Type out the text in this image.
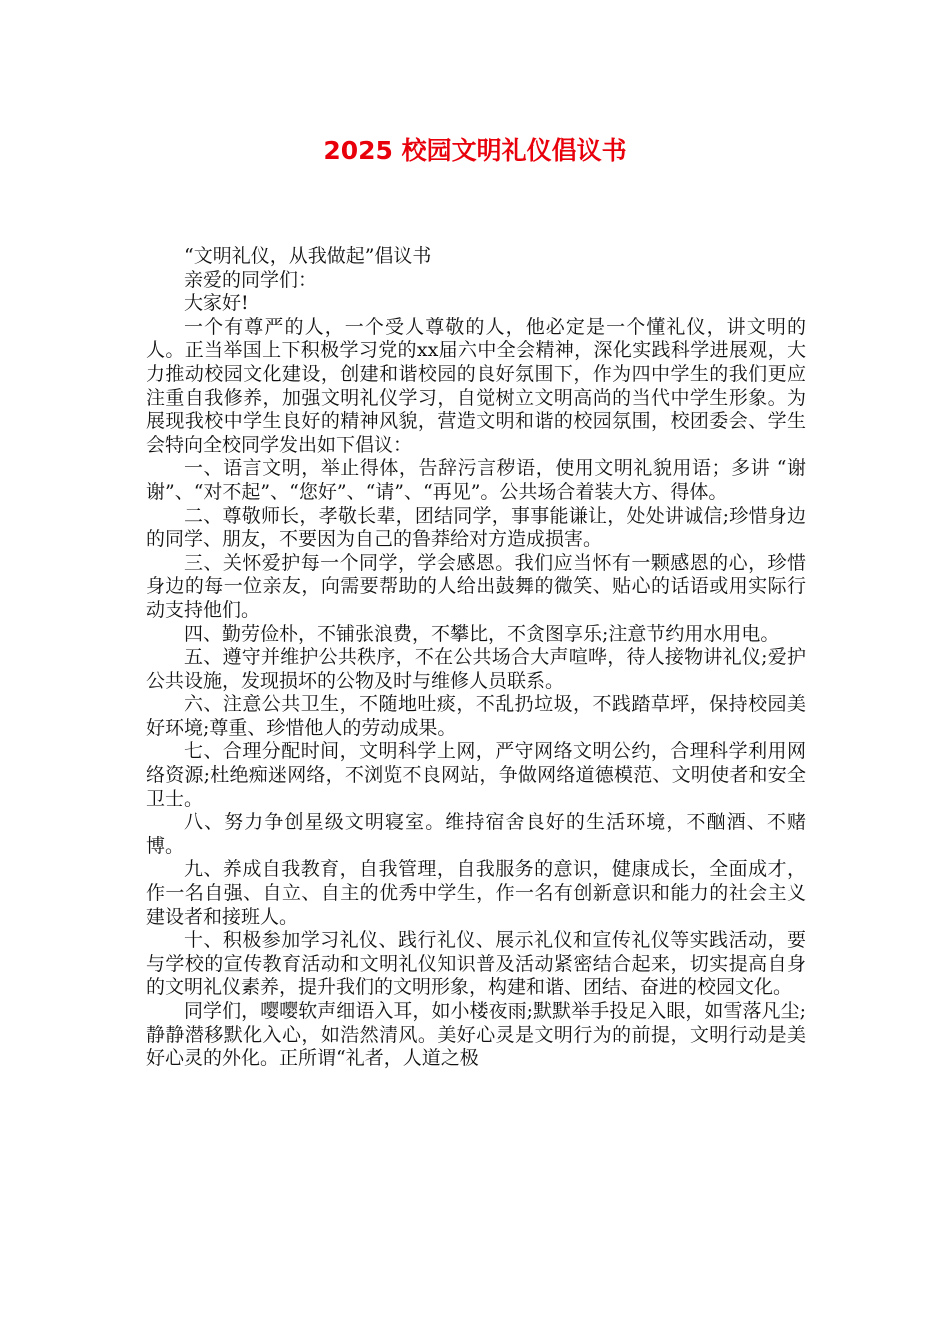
2025 校园文明礼仪倡议书

“文明礼仪，从我做起”倡议书

亲爱的同学们：

大家好!

一个有尊严的人，一个受人尊敬的人，他必定是一个懂礼仪，讲文明的人。正当举国上下积极学习党的xx届六中全会精神，深化实践科学进展观，大力推动校园文化建设，创建和谐校园的良好氛围下，作为四中学生的我们更应注重自我修养，加强文明礼仪学习，自觉树立文明高尚的当代中学生形象。为展现我校中学生良好的精神风貌，营造文明和谐的校园氛围，校团委会、学生会特向全校同学发出如下倡议：

一、语言文明，举止得体，告辞污言秽语，使用文明礼貌用语；多讲 “谢谢”、“对不起”、“您好”、“请”、“再见”。公共场合着装大方、得体。

二、尊敬师长，孝敬长辈，团结同学，事事能谦让，处处讲诚信;珍惜身边的同学、朋友，不要因为自己的鲁莽给对方造成损害。

三、关怀爱护每一个同学，学会感恩。我们应当怀有一颗感恩的心，珍惜身边的每一位亲友，向需要帮助的人给出鼓舞的微笑、贴心的话语或用实际行动支持他们。

四、勤劳俭朴，不铺张浪费，不攀比，不贪图享乐;注意节约用水用电。

五、遵守并维护公共秩序，不在公共场合大声喧哗，待人接物讲礼仪;爱护公共设施，发现损坏的公物及时与维修人员联系。

六、注意公共卫生，不随地吐痰，不乱扔垃圾，不践踏草坪，保持校园美好环境;尊重、珍惜他人的劳动成果。

七、合理分配时间，文明科学上网，严守网络文明公约，合理科学利用网络资源;杜绝痴迷网络，不浏览不良网站，争做网络道德模范、文明使者和安全卫士。

八、努力争创星级文明寝室。维持宿舍良好的生活环境，不酗酒、不赌博。

九、养成自我教育，自我管理，自我服务的意识，健康成长，全面成才，作一名自强、自立、自主的优秀中学生，作一名有创新意识和能力的社会主义建设者和接班人。

十、积极参加学习礼仪、践行礼仪、展示礼仪和宣传礼仪等实践活动，要与学校的宣传教育活动和文明礼仪知识普及活动紧密结合起来，切实提高自身的文明礼仪素养，提升我们的文明形象，构建和谐、团结、奋进的校园文化。

同学们，嘤嘤软声细语入耳，如小楼夜雨;默默举手投足入眼，如雪落凡尘;静静潜移默化入心，如浩然清风。美好心灵是文明行为的前提，文明行动是美好心灵的外化。正所谓“礼者，人道之极
